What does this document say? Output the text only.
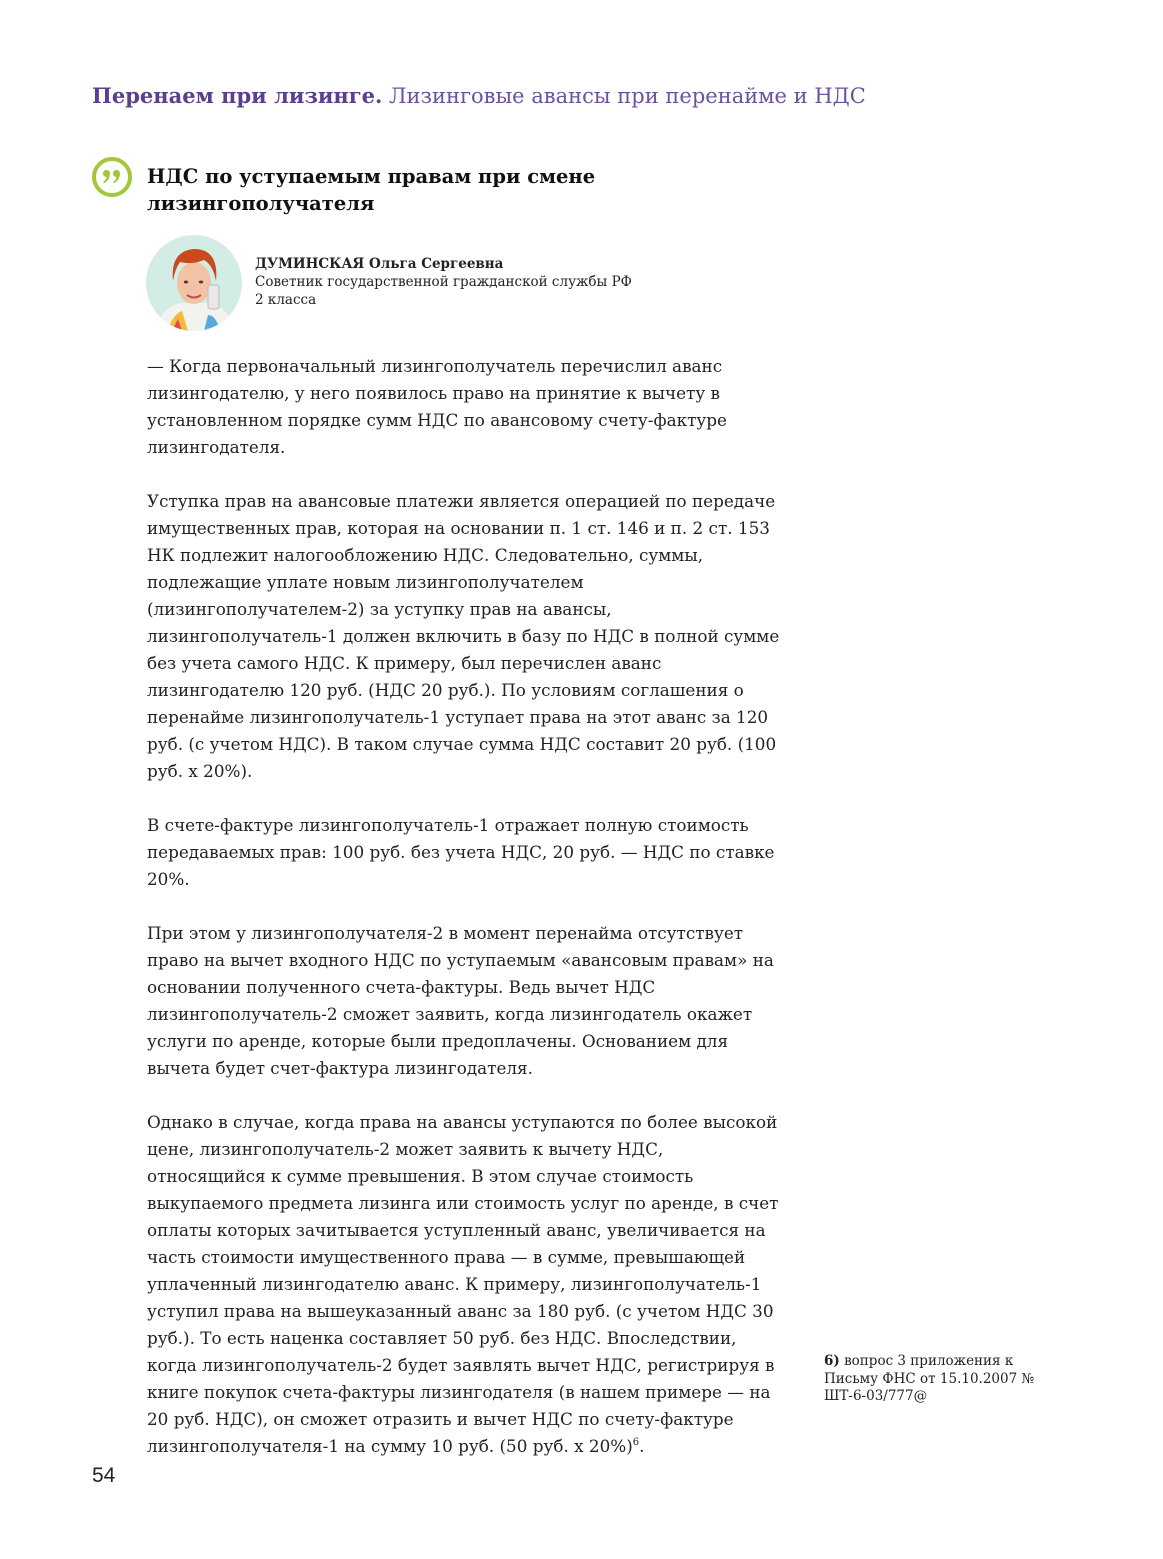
Перенаем при лизинге. Лизинговые авансы при перенайме и НДС
НДС по уступаемым правам при смене лизингополучателя
ДУМИНСКАЯ Ольга Сергеевна
Советник государственной гражданской службы РФ
2 класса

— Когда первоначальный лизингополучатель перечислил аванс лизингодателю, у него появилось право на принятие к вычету в установленном порядке сумм НДС по авансовому счету-фактуре лизингодателя.

Уступка прав на авансовые платежи является операцией по передаче имущественных прав, которая на основании п. 1 ст. 146 и п. 2 ст. 153 НК подлежит налогообложению НДС. Следовательно, суммы, подлежащие уплате новым лизингополучателем (лизингополучателем-2) за уступку прав на авансы, лизингополучатель-1 должен включить в базу по НДС в полной сумме без учета самого НДС. К примеру, был перечислен аванс лизингодателю 120 руб. (НДС 20 руб.). По условиям соглашения о перенайме лизингополучатель-1 уступает права на этот аванс за 120 руб. (с учетом НДС). В таком случае сумма НДС составит 20 руб. (100 руб. х 20%).

В счете-фактуре лизингополучатель-1 отражает полную стоимость передаваемых прав: 100 руб. без учета НДС, 20 руб. — НДС по ставке 20%.

При этом у лизингополучателя-2 в момент перенайма отсутствует право на вычет входного НДС по уступаемым «авансовым правам» на основании полученного счета-фактуры. Ведь вычет НДС лизингополучатель-2 сможет заявить, когда лизингодатель окажет услуги по аренде, которые были предоплачены. Основанием для вычета будет счет-фактура лизингодателя.

Однако в случае, когда права на авансы уступаются по более высокой цене, лизингополучатель-2 может заявить к вычету НДС, относящийся к сумме превышения. В этом случае стоимость выкупаемого предмета лизинга или стоимость услуг по аренде, в счет оплаты которых зачитывается уступленный аванс, увеличивается на часть стоимости имущественного права — в сумме, превышающей уплаченный лизингодателю аванс. К примеру, лизингополучатель-1 уступил права на вышеуказанный аванс за 180 руб. (с учетом НДС 30 руб.). То есть наценка составляет 50 руб. без НДС. Впоследствии, когда лизингополучатель-2 будет заявлять вычет НДС, регистрируя в книге покупок счета-фактуры лизингодателя (в нашем примере — на 20 руб. НДС), он сможет отразить и вычет НДС по счету-фактуре лизингополучателя-1 на сумму 10 руб. (50 руб. х 20%)$^6$.

6) вопрос 3 приложения к Письму ФНС от 15.10.2007 № ШТ-6-03/777@
54
